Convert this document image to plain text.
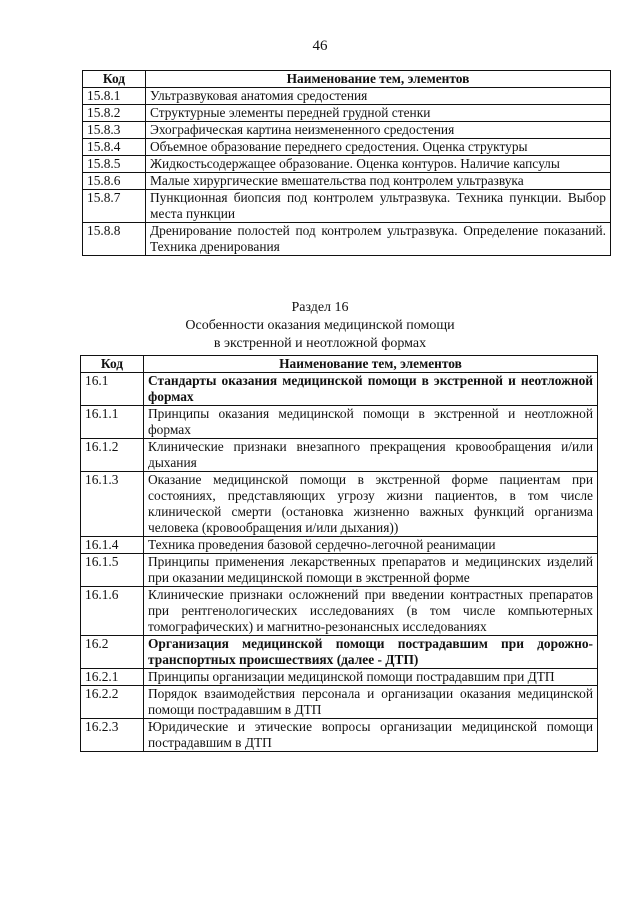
46
Код	Наименование тем, элементов
15.8.1	Ультразвуковая анатомия средостения
15.8.2	Структурные элементы передней грудной стенки
15.8.3	Эхографическая картина неизмененного средостения
15.8.4	Объемное образование переднего средостения. Оценка структуры
15.8.5	Жидкостьсодержащее образование. Оценка контуров. Наличие капсулы
15.8.6	Малые хирургические вмешательства под контролем ультразвука
15.8.7	Пункционная биопсия под контролем ультразвука. Техника пункции. Выбор места пункции
15.8.8	Дренирование полостей под контролем ультразвука. Определение показаний. Техника дренирования
Раздел 16
Особенности оказания медицинской помощи
в экстренной и неотложной формах
Код	Наименование тем, элементов
16.1	Стандарты оказания медицинской помощи в экстренной и неотложной формах
16.1.1	Принципы оказания медицинской помощи в экстренной и неотложной формах
16.1.2	Клинические признаки внезапного прекращения кровообращения и/или дыхания
16.1.3	Оказание медицинской помощи в экстренной форме пациентам при состояниях, представляющих угрозу жизни пациентов, в том числе клинической смерти (остановка жизненно важных функций организма человека (кровообращения и/или дыхания))
16.1.4	Техника проведения базовой сердечно-легочной реанимации
16.1.5	Принципы применения лекарственных препаратов и медицинских изделий при оказании медицинской помощи в экстренной форме
16.1.6	Клинические признаки осложнений при введении контрастных препаратов при рентгенологических исследованиях (в том числе компьютерных томографических) и магнитно-резонансных исследованиях
16.2	Организация медицинской помощи пострадавшим при дорожно-транспортных происшествиях (далее - ДТП)
16.2.1	Принципы организации медицинской помощи пострадавшим при ДТП
16.2.2	Порядок взаимодействия персонала и организации оказания медицинской помощи пострадавшим в ДТП
16.2.3	Юридические и этические вопросы организации медицинской помощи пострадавшим в ДТП
